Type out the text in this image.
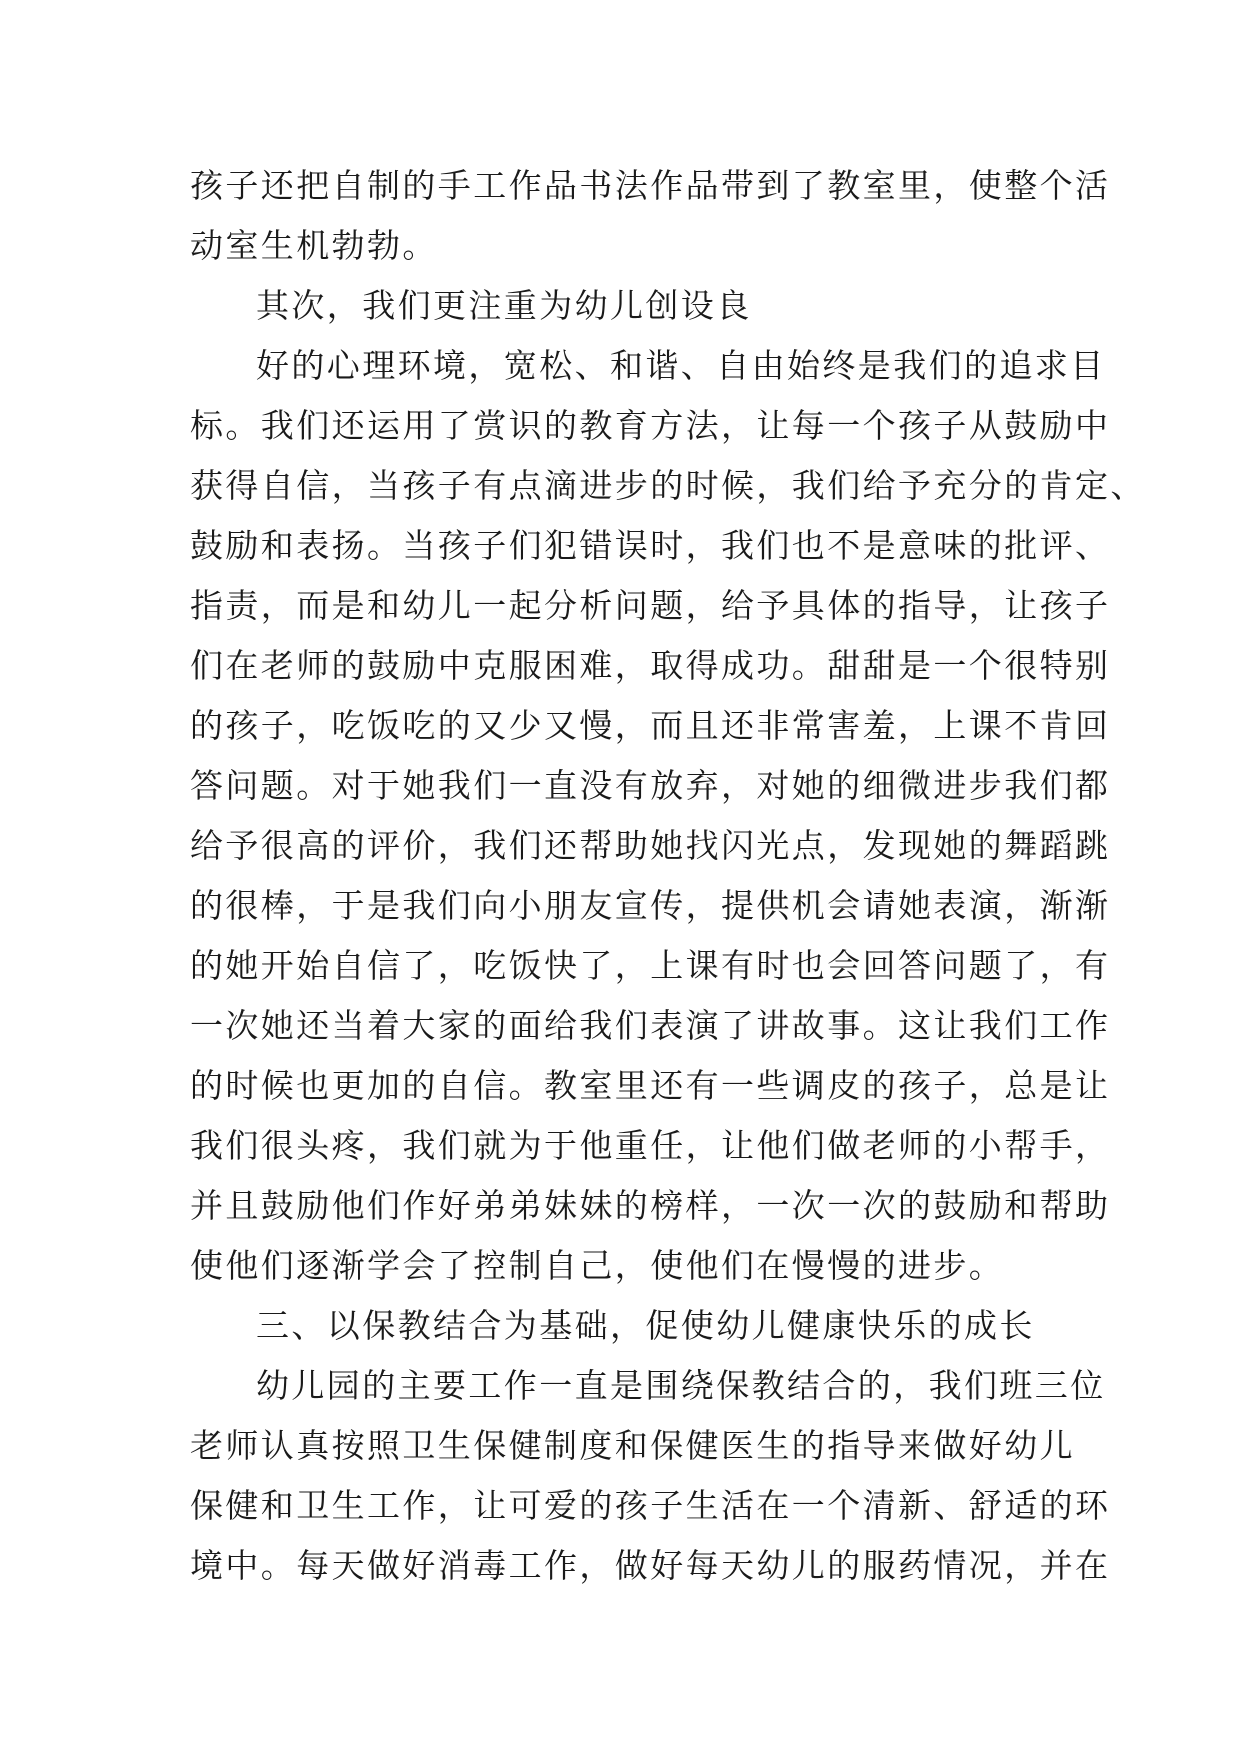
孩子还把自制的手工作品书法作品带到了教室里，使整个活
动室生机勃勃。
其次，我们更注重为幼儿创设良
好的心理环境，宽松、和谐、自由始终是我们的追求目
标。我们还运用了赏识的教育方法，让每一个孩子从鼓励中
获得自信，当孩子有点滴进步的时候，我们给予充分的肯定、
鼓励和表扬。当孩子们犯错误时，我们也不是意味的批评、
指责，而是和幼儿一起分析问题，给予具体的指导，让孩子
们在老师的鼓励中克服困难，取得成功。甜甜是一个很特别
的孩子，吃饭吃的又少又慢，而且还非常害羞，上课不肯回
答问题。对于她我们一直没有放弃，对她的细微进步我们都
给予很高的评价，我们还帮助她找闪光点，发现她的舞蹈跳
的很棒，于是我们向小朋友宣传，提供机会请她表演，渐渐
的她开始自信了，吃饭快了，上课有时也会回答问题了，有
一次她还当着大家的面给我们表演了讲故事。这让我们工作
的时候也更加的自信。教室里还有一些调皮的孩子，总是让
我们很头疼，我们就为于他重任，让他们做老师的小帮手，
并且鼓励他们作好弟弟妹妹的榜样，一次一次的鼓励和帮助
使他们逐渐学会了控制自己，使他们在慢慢的进步。
三、以保教结合为基础，促使幼儿健康快乐的成长
幼儿园的主要工作一直是围绕保教结合的，我们班三位
老师认真按照卫生保健制度和保健医生的指导来做好幼儿
保健和卫生工作，让可爱的孩子生活在一个清新、舒适的环
境中。每天做好消毒工作，做好每天幼儿的服药情况，并在
